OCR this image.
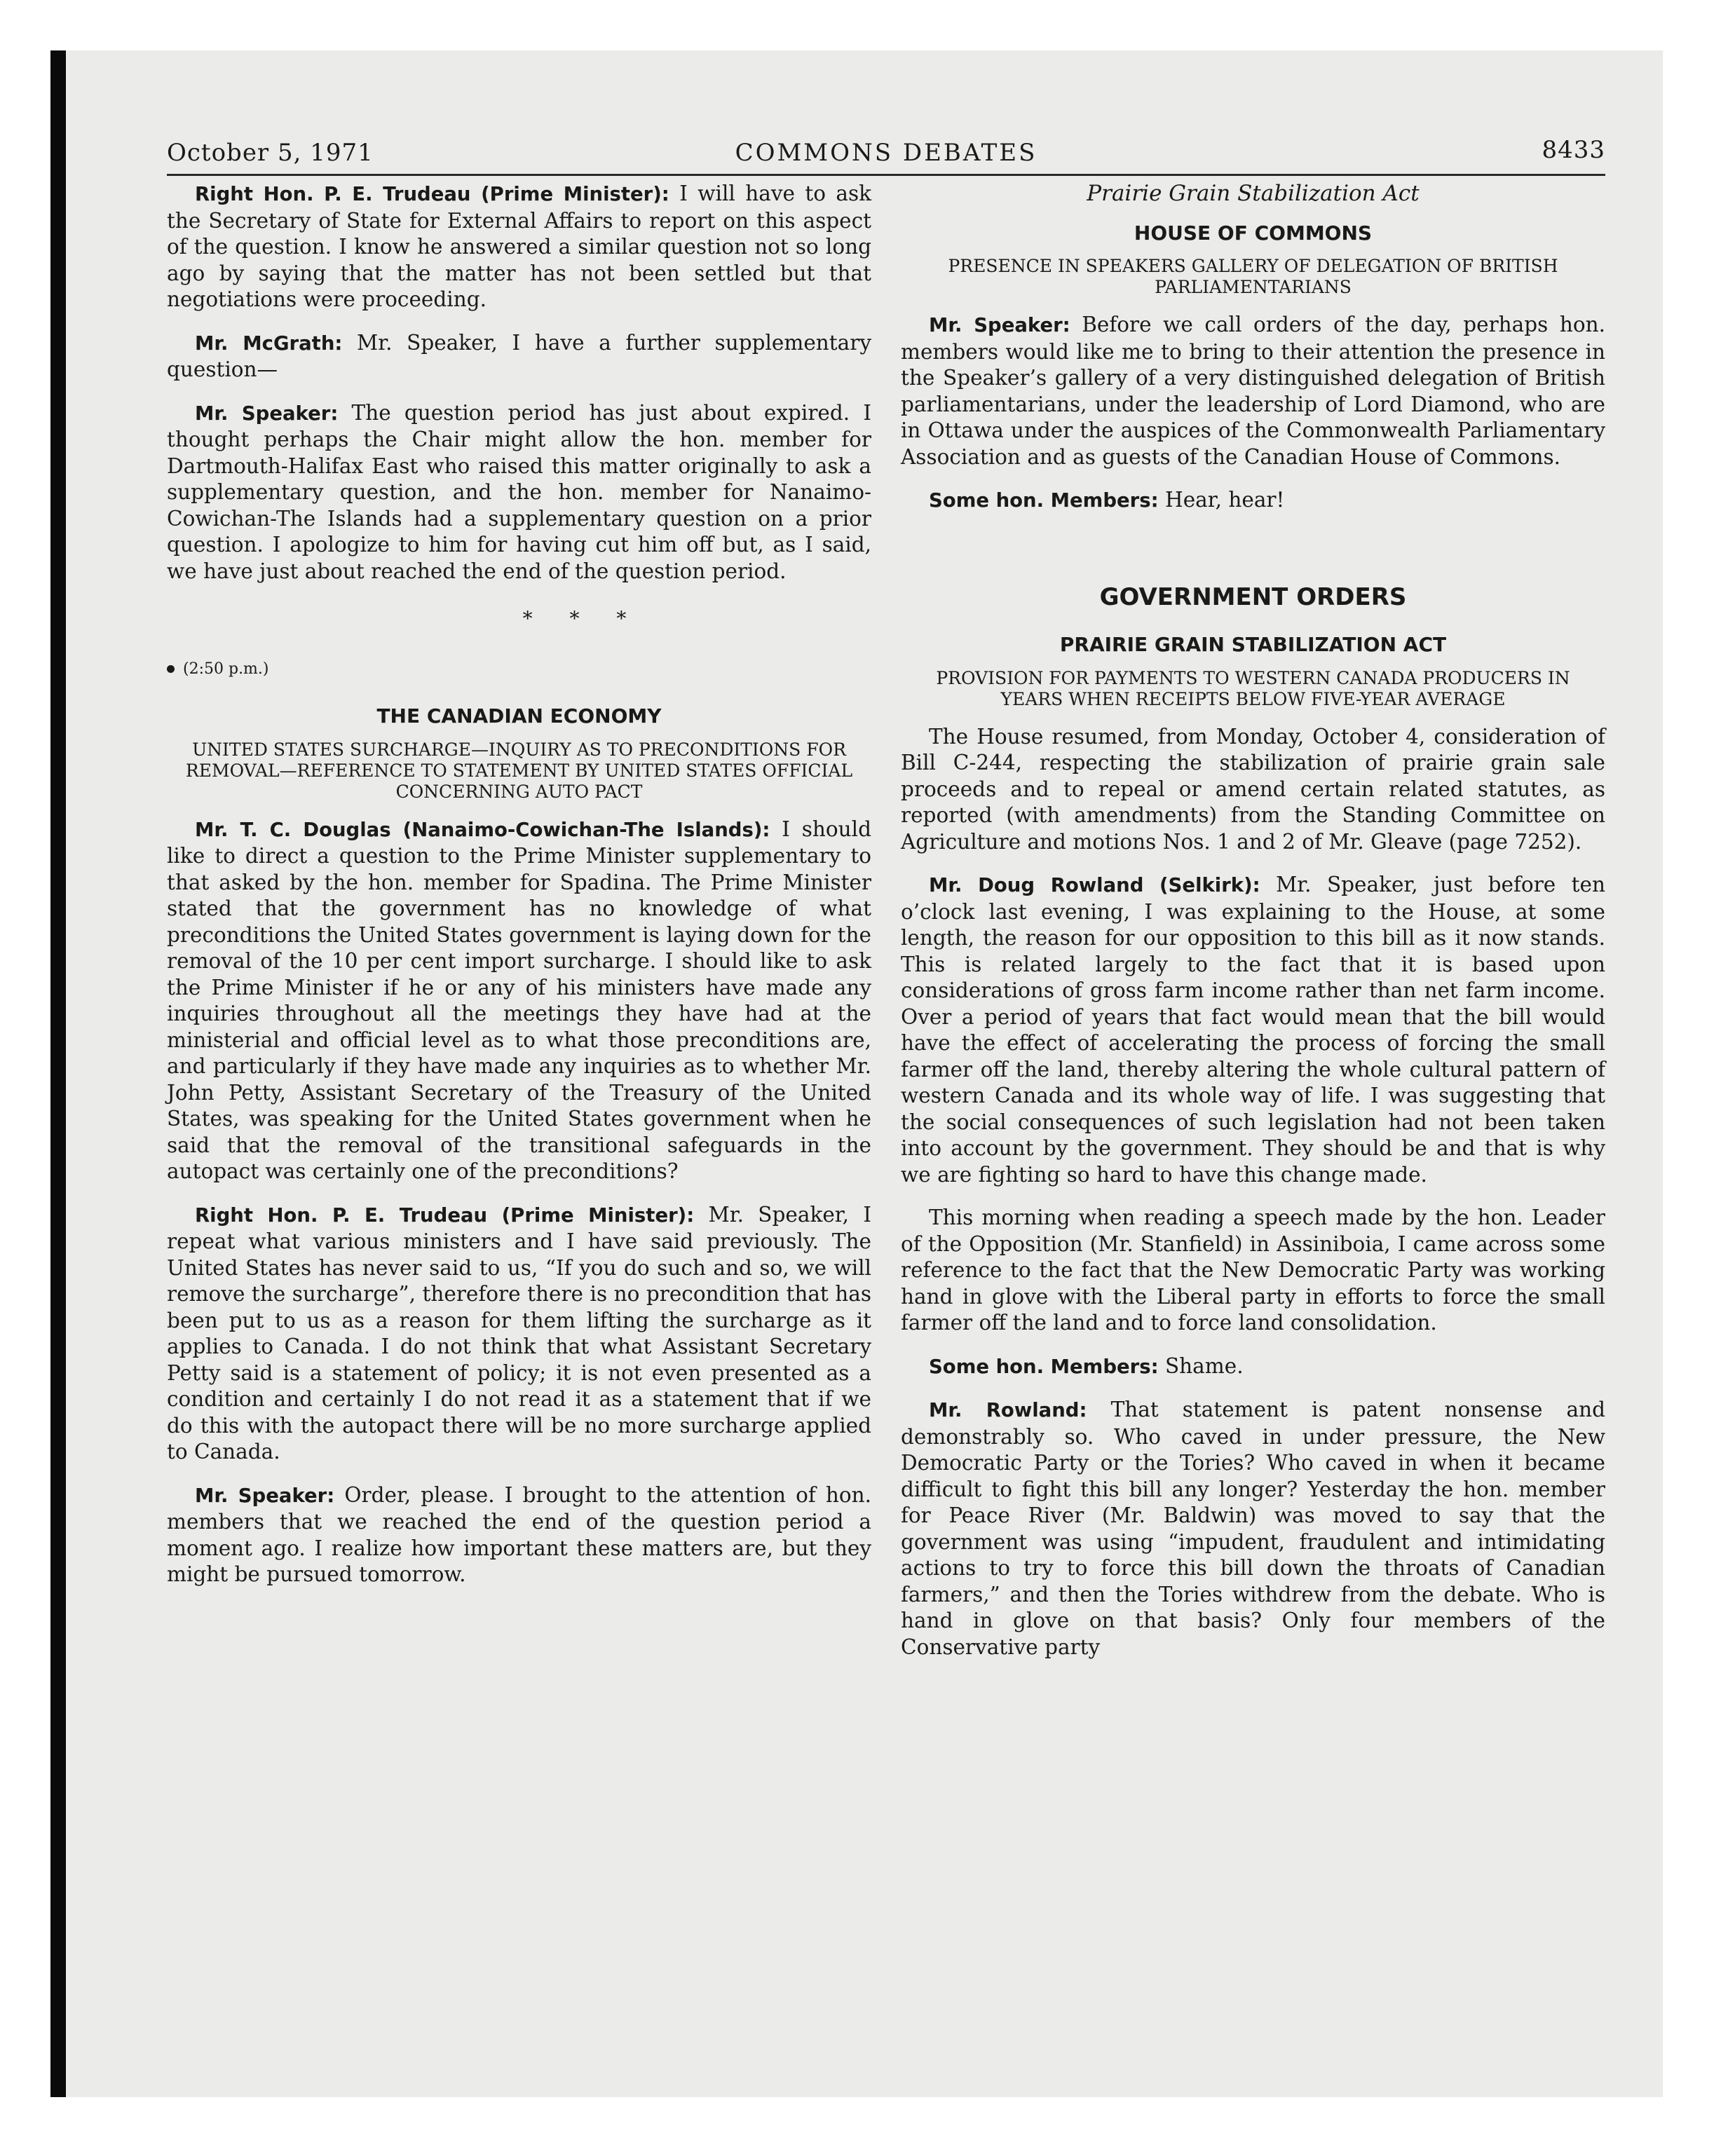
October 5, 1971	COMMONS DEBATES	8433

Right Hon. P. E. Trudeau (Prime Minister): I will have to ask the Secretary of State for External Affairs to report on this aspect of the question. I know he answered a similar question not so long ago by saying that the matter has not been settled but that negotiations were proceeding.

Mr. McGrath: Mr. Speaker, I have a further supplementary question—

Mr. Speaker: The question period has just about expired. I thought perhaps the Chair might allow the hon. member for Dartmouth-Halifax East who raised this matter originally to ask a supplementary question, and the hon. member for Nanaimo-Cowichan-The Islands had a supplementary question on a prior question. I apologize to him for having cut him off but, as I said, we have just about reached the end of the question period.

* * *
(2:50 p.m.)
THE CANADIAN ECONOMY
UNITED STATES SURCHARGE—INQUIRY AS TO PRECONDITIONS FOR REMOVAL—REFERENCE TO STATEMENT BY UNITED STATES OFFICIAL CONCERNING AUTO PACT

Mr. T. C. Douglas (Nanaimo-Cowichan-The Islands): I should like to direct a question to the Prime Minister supplementary to that asked by the hon. member for Spadina. The Prime Minister stated that the government has no knowledge of what preconditions the United States government is laying down for the removal of the 10 per cent import surcharge. I should like to ask the Prime Minister if he or any of his ministers have made any inquiries throughout all the meetings they have had at the ministerial and official level as to what those preconditions are, and particularly if they have made any inquiries as to whether Mr. John Petty, Assistant Secretary of the Treasury of the United States, was speaking for the United States government when he said that the removal of the transitional safeguards in the autopact was certainly one of the preconditions?

Right Hon. P. E. Trudeau (Prime Minister): Mr. Speaker, I repeat what various ministers and I have said previously. The United States has never said to us, “If you do such and so, we will remove the surcharge”, therefore there is no precondition that has been put to us as a reason for them lifting the surcharge as it applies to Canada. I do not think that what Assistant Secretary Petty said is a statement of policy; it is not even presented as a condition and certainly I do not read it as a statement that if we do this with the autopact there will be no more surcharge applied to Canada.

Mr. Speaker: Order, please. I brought to the attention of hon. members that we reached the end of the question period a moment ago. I realize how important these matters are, but they might be pursued tomorrow.

Prairie Grain Stabilization Act
HOUSE OF COMMONS
PRESENCE IN SPEAKERS GALLERY OF DELEGATION OF BRITISH PARLIAMENTARIANS

Mr. Speaker: Before we call orders of the day, perhaps hon. members would like me to bring to their attention the presence in the Speaker’s gallery of a very distinguished delegation of British parliamentarians, under the leadership of Lord Diamond, who are in Ottawa under the auspices of the Commonwealth Parliamentary Association and as guests of the Canadian House of Commons.

Some hon. Members: Hear, hear!

GOVERNMENT ORDERS
PRAIRIE GRAIN STABILIZATION ACT
PROVISION FOR PAYMENTS TO WESTERN CANADA PRODUCERS IN YEARS WHEN RECEIPTS BELOW FIVE-YEAR AVERAGE

The House resumed, from Monday, October 4, consideration of Bill C-244, respecting the stabilization of prairie grain sale proceeds and to repeal or amend certain related statutes, as reported (with amendments) from the Standing Committee on Agriculture and motions Nos. 1 and 2 of Mr. Gleave (page 7252).

Mr. Doug Rowland (Selkirk): Mr. Speaker, just before ten o’clock last evening, I was explaining to the House, at some length, the reason for our opposition to this bill as it now stands. This is related largely to the fact that it is based upon considerations of gross farm income rather than net farm income. Over a period of years that fact would mean that the bill would have the effect of accelerating the process of forcing the small farmer off the land, thereby altering the whole cultural pattern of western Canada and its whole way of life. I was suggesting that the social consequences of such legislation had not been taken into account by the government. They should be and that is why we are fighting so hard to have this change made.

This morning when reading a speech made by the hon. Leader of the Opposition (Mr. Stanfield) in Assiniboia, I came across some reference to the fact that the New Democratic Party was working hand in glove with the Liberal party in efforts to force the small farmer off the land and to force land consolidation.

Some hon. Members: Shame.

Mr. Rowland: That statement is patent nonsense and demonstrably so. Who caved in under pressure, the New Democratic Party or the Tories? Who caved in when it became difficult to fight this bill any longer? Yesterday the hon. member for Peace River (Mr. Baldwin) was moved to say that the government was using “impudent, fraudulent and intimidating actions to try to force this bill down the throats of Canadian farmers,” and then the Tories withdrew from the debate. Who is hand in glove on that basis? Only four members of the Conservative party
